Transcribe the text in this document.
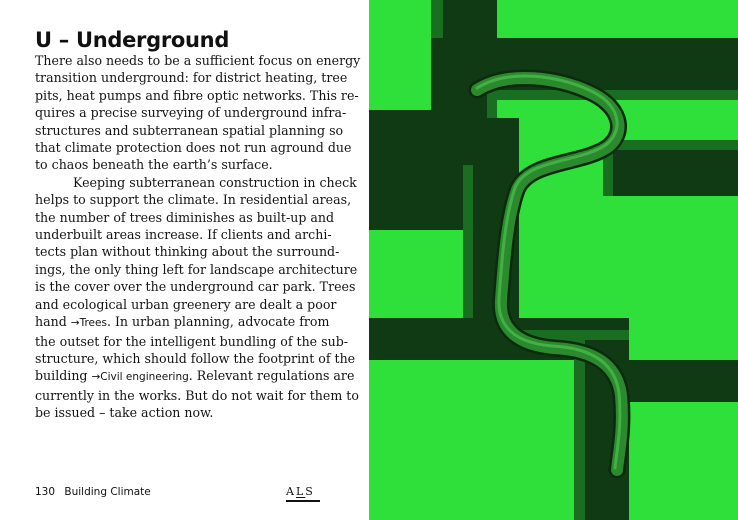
U – Underground

There also needs to be a sufficient focus on energy
transition underground: for district heating, tree
pits, heat pumps and fibre optic networks. This re-
quires a precise surveying of underground infra-
structures and subterranean spatial planning so
that climate protection does not run aground due
to chaos beneath the earth’s surface.

Keeping subterranean construction in check
helps to support the climate. In residential areas,
the number of trees diminishes as built-up and
underbuilt areas increase. If clients and archi-
tects plan without thinking about the surround-
ings, the only thing left for landscape architecture
is the cover over the underground car park. Trees
and ecological urban greenery are dealt a poor
hand →Trees. In urban planning, advocate from
the outset for the intelligent bundling of the sub-
structure, which should follow the footprint of the
building →Civil engineering. Relevant regulations are
currently in the works. But do not wait for them to
be issued – take action now.

130 Building Climate	ALS
